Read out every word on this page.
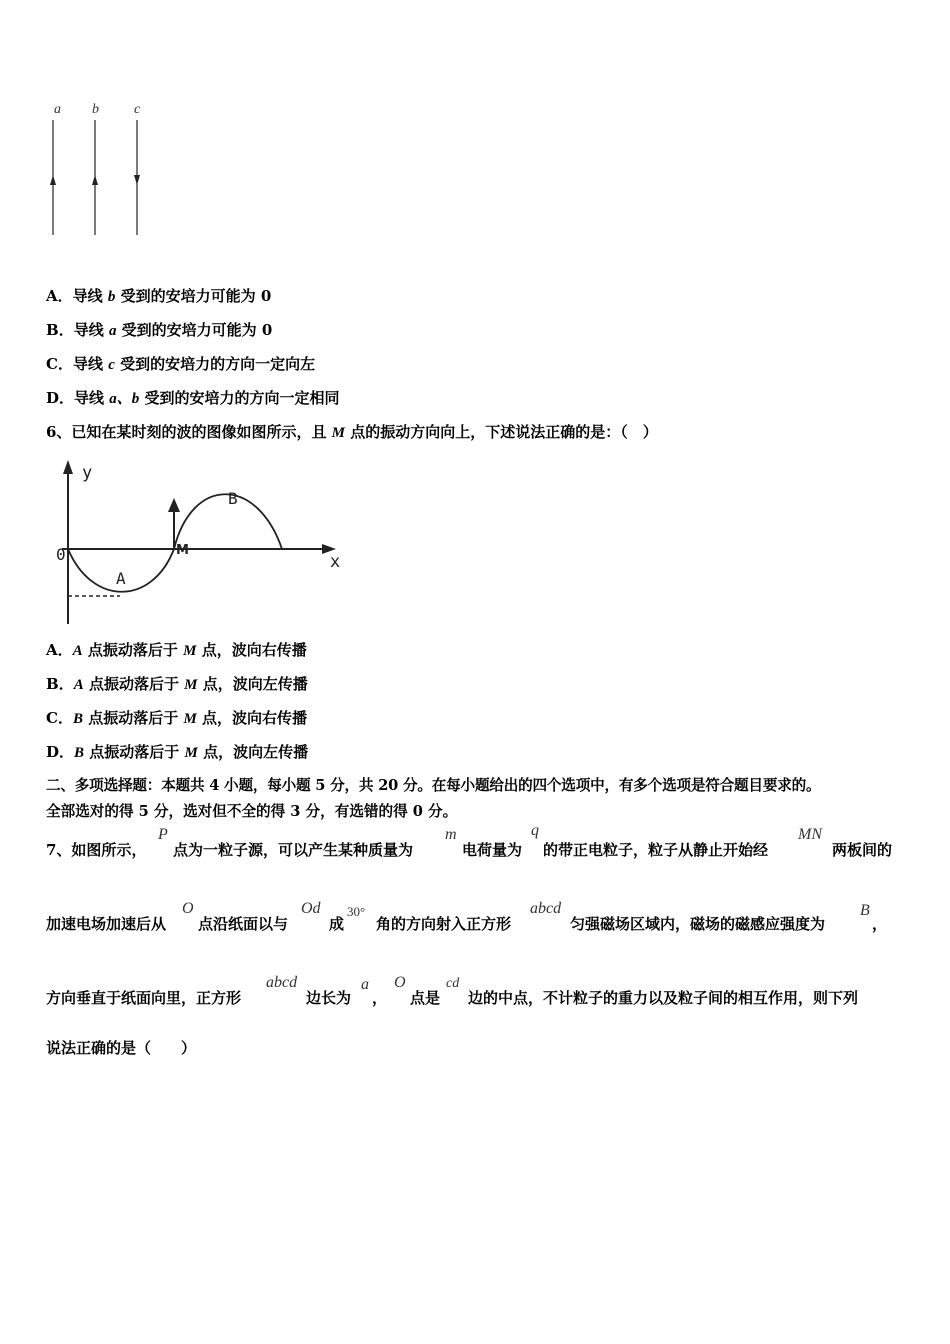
a b	c
A．导线 b 受到的安培力可能为 0
B．导线 a 受到的安培力可能为 0
C．导线 c 受到的安培力的方向一定向左
D．导线 a、b 受到的安培力的方向一定相同
6、已知在某时刻的波的图像如图所示，且 M 点的振动方向向上，下述说法正确的是：（　）
y
x
0	M
A
B
A．A 点振动落后于 M 点，波向右传播
B．A 点振动落后于 M 点，波向左传播
C．B 点振动落后于 M 点，波向右传播
D．B 点振动落后于 M 点，波向左传播
二、多项选择题：本题共 4 小题，每小题 5 分，共 20 分。在每小题给出的四个选项中，有多个选项是符合题目要求的。
全部选对的得 5 分，选对但不全的得 3 分，有选错的得 0 分。
7、如图所示，
P
点为一粒子源，可以产生某种质量为
m
电荷量为
q
的带正电粒子，粒子从静止开始经
MN
两板间的
加速电场加速后从
O
点沿纸面以与
Od
成
30°
角的方向射入正方形
abcd
匀强磁场区域内，磁场的磁感应强度为
B
，
方向垂直于纸面向里，正方形
abcd
边长为
a
，
O
点是
cd
边的中点，不计粒子的重力以及粒子间的相互作用，则下列
说法正确的是（　　）
